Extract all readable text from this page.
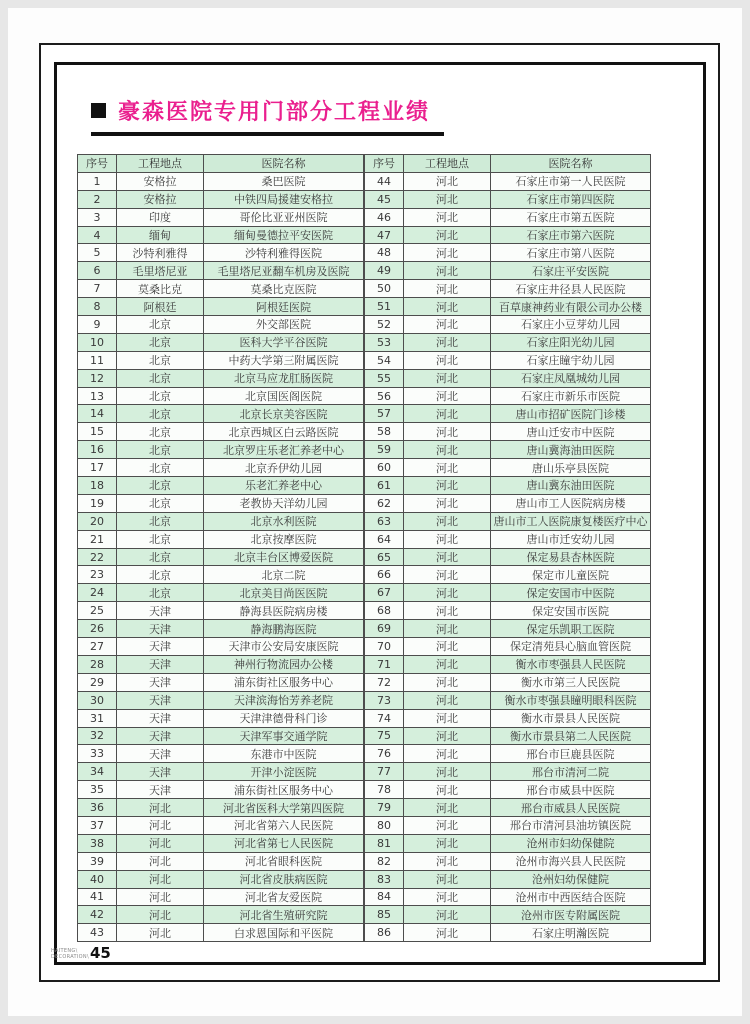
豪森医院专用门部分工程业绩
序号	工程地点	医院名称
1	安格拉	桑巴医院
2	安格拉	中铁四局援建安格拉
3	印度	哥伦比亚亚州医院
4	缅甸	缅甸曼德拉平安医院
5	沙特利雅得	沙特利雅得医院
6	毛里塔尼亚	毛里塔尼亚翻车机房及医院
7	莫桑比克	莫桑比克医院
8	阿根廷	阿根廷医院
9	北京	外交部医院
10	北京	医科大学平谷医院
11	北京	中药大学第三附属医院
12	北京	北京马应龙肛肠医院
13	北京	北京国医阁医院
14	北京	北京长京美容医院
15	北京	北京西城区白云路医院
16	北京	北京罗庄乐老汇养老中心
17	北京	北京乔伊幼儿园
18	北京	乐老汇养老中心
19	北京	老教协天洋幼儿园
20	北京	北京水利医院
21	北京	北京按摩医院
22	北京	北京丰台区博爱医院
23	北京	北京二院
24	北京	北京美目尚医医院
25	天津	静海县医院病房楼
26	天津	静海鹏海医院
27	天津	天津市公安局安康医院
28	天津	神州行物流园办公楼
29	天津	浦东街社区服务中心
30	天津	天津滨海怡芳养老院
31	天津	天津津德骨科门诊
32	天津	天津军事交通学院
33	天津	东港市中医院
34	天津	开津小淀医院
35	天津	浦东街社区服务中心
36	河北	河北省医科大学第四医院
37	河北	河北省第六人民医院
38	河北	河北省第七人民医院
39	河北	河北省眼科医院
40	河北	河北省皮肤病医院
41	河北	河北省友爱医院
42	河北	河北省生殖研究院
43	河北	白求恩国际和平医院
序号	工程地点	医院名称
44	河北	石家庄市第一人民医院
45	河北	石家庄市第四医院
46	河北	石家庄市第五医院
47	河北	石家庄市第六医院
48	河北	石家庄市第八医院
49	河北	石家庄平安医院
50	河北	石家庄井径县人民医院
51	河北	百草康神药业有限公司办公楼
52	河北	石家庄小豆芽幼儿园
53	河北	石家庄阳光幼儿园
54	河北	石家庄瞳宇幼儿园
55	河北	石家庄凤凰城幼儿园
56	河北	石家庄市新乐市医院
57	河北	唐山市招矿医院门诊楼
58	河北	唐山迁安市中医院
59	河北	唐山冀海油田医院
60	河北	唐山乐亭县医院
61	河北	唐山冀东油田医院
62	河北	唐山市工人医院病房楼
63	河北	唐山市工人医院康复楼医疗中心
64	河北	唐山市迁安幼儿园
65	河北	保定易县杏林医院
66	河北	保定市儿童医院
67	河北	保定安国市中医院
68	河北	保定安国市医院
69	河北	保定乐凯职工医院
70	河北	保定清苑县心脑血管医院
71	河北	衡水市枣强县人民医院
72	河北	衡水市第三人民医院
73	河北	衡水市枣强县瞳明眼科医院
74	河北	衡水市景县人民医院
75	河北	衡水市景县第二人民医院
76	河北	邢台市巨鹿县医院
77	河北	邢台市清河二院
78	河北	邢台市威县中医院
79	河北	邢台市威县人民医院
80	河北	邢台市清河县油坊镇医院
81	河北	沧州市妇幼保健院
82	河北	沧州市海兴县人民医院
83	河北	沧州妇幼保健院
84	河北	沧州市中西医结合医院
85	河北	沧州市医专附属医院
86	河北	石家庄明瀚医院
HAITENG\
DECORATION\ 45
